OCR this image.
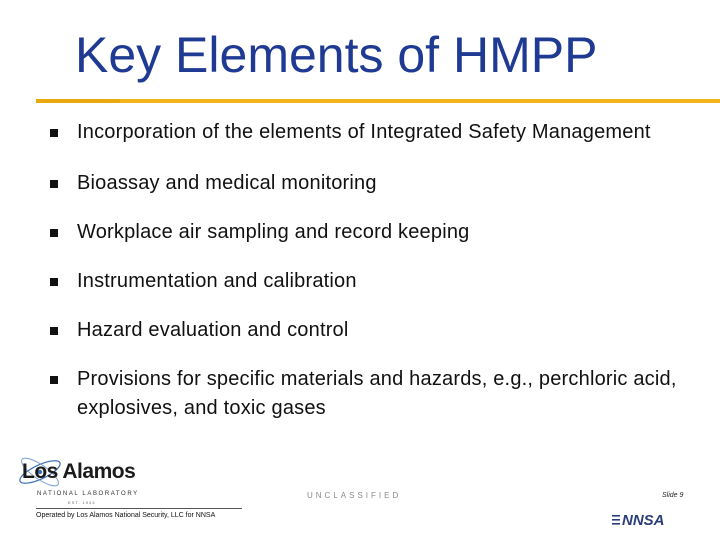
Key Elements of HMPP
Incorporation of the elements of Integrated Safety Management
Bioassay and medical monitoring
Workplace air sampling and record keeping
Instrumentation and calibration
Hazard evaluation and control
Provisions for specific materials and hazards, e.g., perchloric acid, explosives, and toxic gases
Los Alamos
NATIONAL LABORATORY
EST. 1943
Operated by Los Alamos National Security, LLC for NNSA
UNCLASSIFIED	Slide 9
NNSA
